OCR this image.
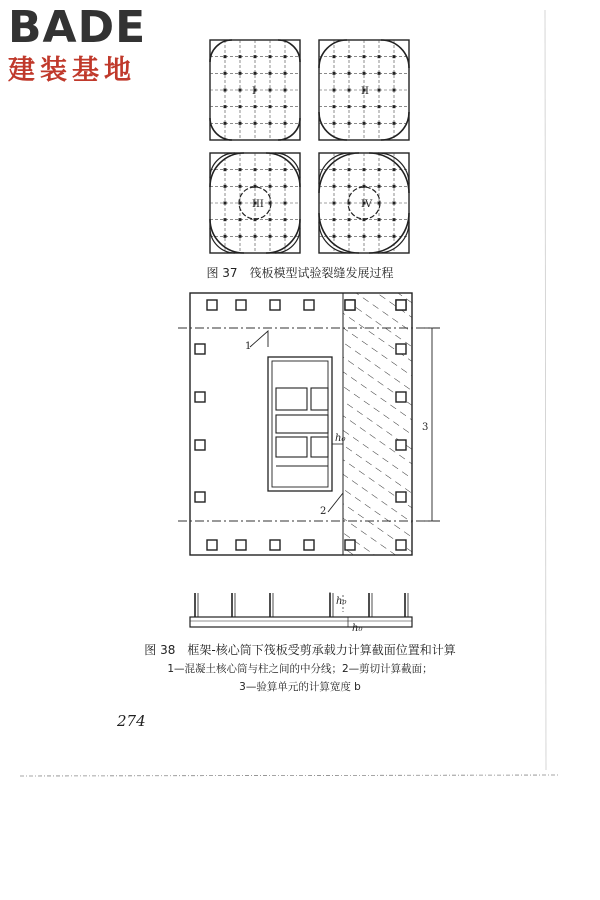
BADE
建装基地
I	II
III	IV
1
2
h₀
3
h₀
h₀
图 37　筏板模型试验裂缝发展过程
图 38　框架-核心筒下筏板受剪承载力计算截面位置和计算
1—混凝土核心筒与柱之间的中分线；2—剪切计算截面；
3—验算单元的计算宽度 b
274
